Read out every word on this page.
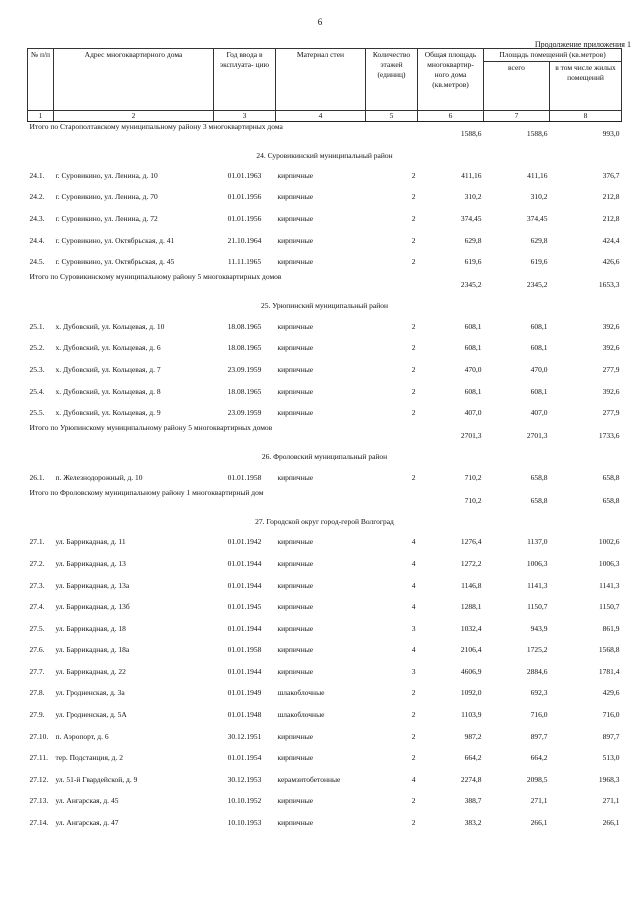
6
Продолжение приложения 1
№ п/п	Адрес многоквартирного дома	Год ввода в эксплуата- цию	Материал стен	Количество этажей (единиц)	Общая площадь многоквартир- ного дома (кв.метров)	Площадь помещений (кв.метров)	
						всего	в том числе жилых помещений
1	2	3	4	5	6	7	8
Итого по Старополтавскому муниципальному району 3 многоквартирных дома					1588,6	1588,6	993,0
24. Суровикинский муниципальный район							
24.1.	г. Суровикино, ул. Ленина, д. 10	01.01.1963	кирпичные	2	411,16	411,16	376,7
24.2.	г. Суровикино, ул. Ленина, д. 70	01.01.1956	кирпичные	2	310,2	310,2	212,8
24.3.	г. Суровикино, ул. Ленина, д. 72	01.01.1956	кирпичные	2	374,45	374,45	212,8
24.4.	г. Суровикино, ул. Октябрьская, д. 41	21.10.1964	кирпичные	2	629,8	629,8	424,4
24.5.	г. Суровикино, ул. Октябрьская, д. 45	11.11.1965	кирпичные	2	619,6	619,6	426,6
Итого по Суровикинскому муниципальному району 5 многоквартирных домов					2345,2	2345,2	1653,3
25. Урюпинский муниципальный район							
25.1.	х. Дубовский, ул. Кольцевая, д. 10	18.08.1965	кирпичные	2	608,1	608,1	392,6
25.2.	х. Дубовский, ул. Кольцевая, д. 6	18.08.1965	кирпичные	2	608,1	608,1	392,6
25.3.	х. Дубовский, ул. Кольцевая, д. 7	23.09.1959	кирпичные	2	470,0	470,0	277,9
25.4.	х. Дубовский, ул. Кольцевая, д. 8	18.08.1965	кирпичные	2	608,1	608,1	392,6
25.5.	х. Дубовский, ул. Кольцевая, д. 9	23.09.1959	кирпичные	2	407,0	407,0	277,9
Итого по Урюпинскому муниципальному району 5 многоквартирных домов					2701,3	2701,3	1733,6
26. Фроловский муниципальный район							
26.1.	п. Железнодорожный, д. 10	01.01.1958	кирпичные	2	710,2	658,8	658,8
Итого по Фроловскому муниципальному району 1 многоквартирный дом					710,2	658,8	658,8
27. Городской округ город-герой Волгоград							
27.1.	ул. Баррикадная, д. 11	01.01.1942	кирпичные	4	1276,4	1137,0	1002,6
27.2.	ул. Баррикадная, д. 13	01.01.1944	кирпичные	4	1272,2	1006,3	1006,3
27.3.	ул. Баррикадная, д. 13а	01.01.1944	кирпичные	4	1146,8	1141,3	1141,3
27.4.	ул. Баррикадная, д. 13б	01.01.1945	кирпичные	4	1288,1	1150,7	1150,7
27.5.	ул. Баррикадная, д. 18	01.01.1944	кирпичные	3	1032,4	943,9	861,9
27.6.	ул. Баррикадная, д. 18а	01.01.1958	кирпичные	4	2106,4	1725,2	1568,8
27.7.	ул. Баррикадная, д. 22	01.01.1944	кирпичные	3	4606,9	2884,6	1781,4
27.8.	ул. Гродненская, д. 3а	01.01.1949	шлакоблочные	2	1092,0	692,3	429,6
27.9.	ул. Гродненская, д. 5А	01.01.1948	шлакоблочные	2	1103,9	716,0	716,0
27.10.	п. Аэропорт, д. 6	30.12.1951	кирпичные	2	987,2	897,7	897,7
27.11.	тер. Подстанция, д. 2	01.01.1954	кирпичные	2	664,2	664,2	513,0
27.12.	ул. 51-й Гвардейской, д. 9	30.12.1953	керамзитобетонные	4	2274,8	2098,5	1968,3
27.13.	ул. Ангарская, д. 45	10.10.1952	кирпичные	2	388,7	271,1	271,1
27.14.	ул. Ангарская, д. 47	10.10.1953	кирпичные	2	383,2	266,1	266,1
